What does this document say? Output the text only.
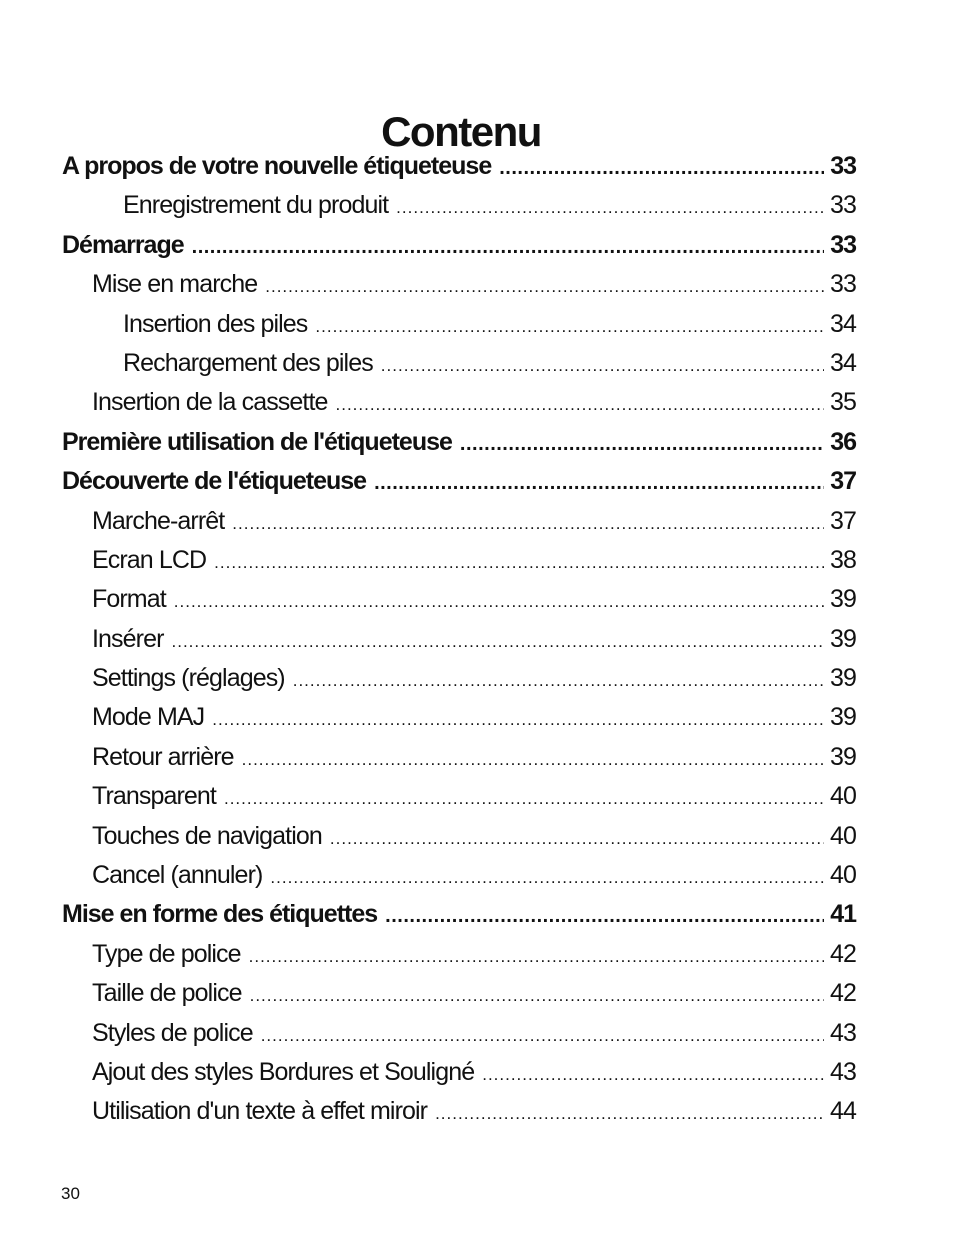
Contenu
A propos de votre nouvelle étiqueteuse .....	33
Enregistrement du produit .....	33
Démarrage .....	33
Mise en marche .....	33
Insertion des piles .....	34
Rechargement des piles .....	34
Insertion de la cassette .....	35
Première utilisation de l'étiqueteuse .....	36
Découverte de l'étiqueteuse .....	37
Marche-arrêt .....	37
Ecran LCD .....	38
Format .....	39
Insérer .....	39
Settings (réglages) .....	39
Mode MAJ .....	39
Retour arrière .....	39
Transparent .....	40
Touches de navigation .....	40
Cancel (annuler) .....	40
Mise en forme des étiquettes .....	41
Type de police .....	42
Taille de police .....	42
Styles de police .....	43
Ajout des styles Bordures et Souligné .....	43
Utilisation d'un texte à effet miroir .....	44
30
